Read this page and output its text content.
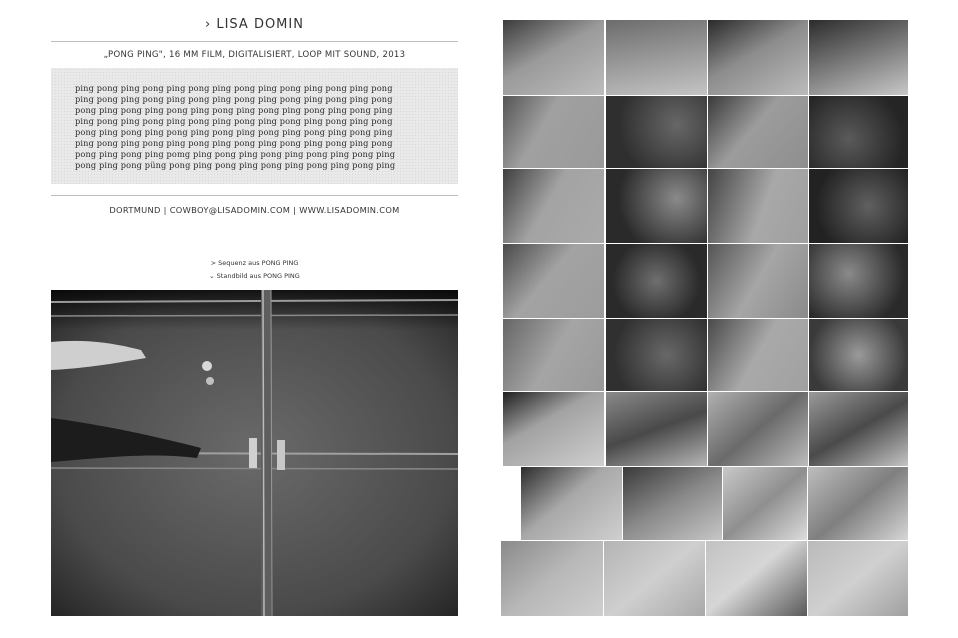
› LISA DOMIN
„PONG PING", 16 MM FILM, DIGITALISIERT, LOOP MIT SOUND, 2013
ping pong ping pong ping pong ping pong ping pong ping pong ping pong
ping pong ping pong ping pong ping pong ping pong ping pong ping pong
pong ping pong ping pong ping pong ping pong ping pong ping pong ping
ping pong ping pong ping pong ping pong ping pong ping pong ping pong
pong ping pong ping pong ping pong ping pong ping pong ping pong ping
ping pong ping pong ping pong ping pong ping pong ping pong ping pong
pong ping pong ping pomg ping pong ping pong ping pong ping pong ping
pong ping pong püng pong ping pong ping pong ping pong ping pong ping
DORTMUND | COWBOY@LISADOMIN.COM | WWW.LISADOMIN.COM
> Sequenz aus PONG PING
⌄ Standbild aus PONG PING
